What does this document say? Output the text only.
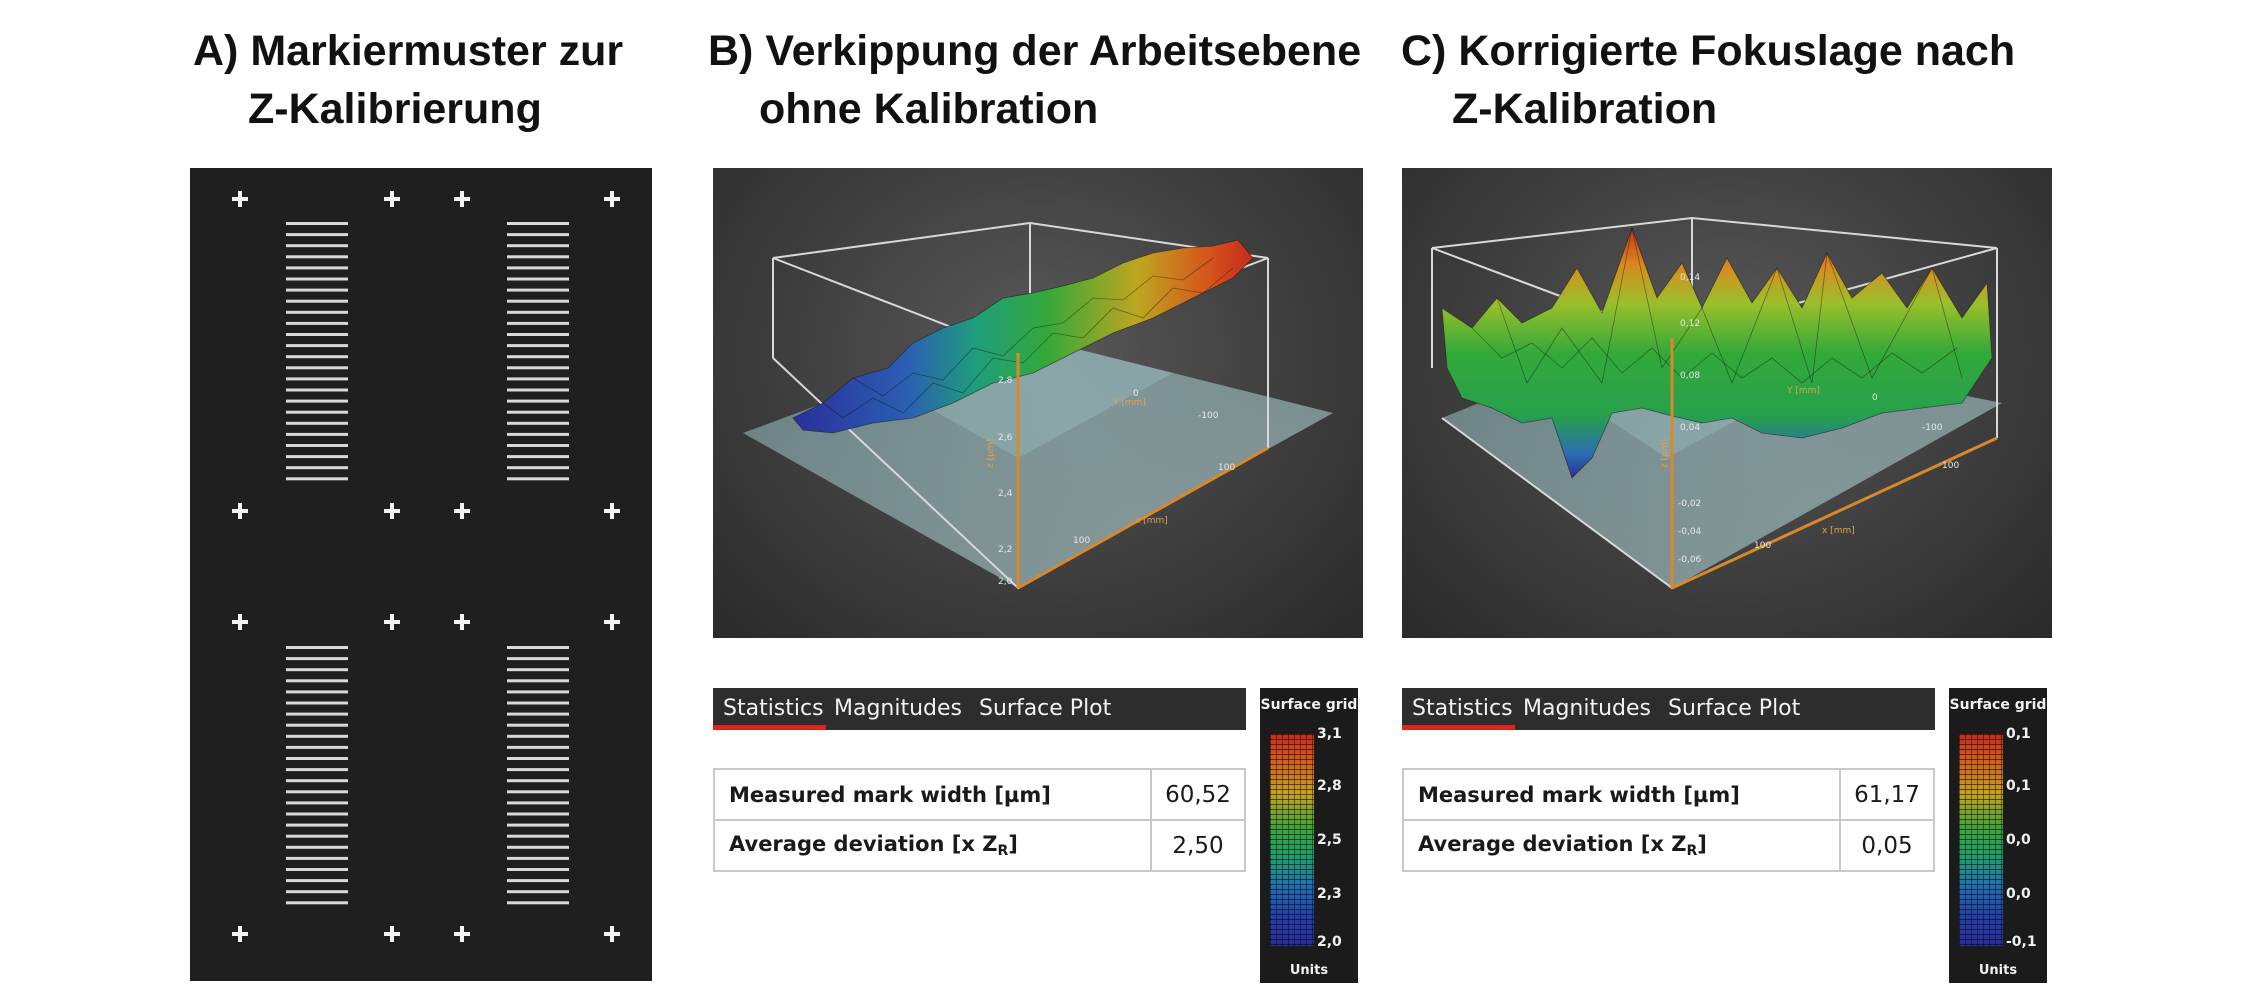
A) Markiermuster zur
Z-Kalibrierung
B) Verkippung der Arbeitsebene
ohne Kalibration
C) Korrigierte Fokuslage nach
Z-Kalibration
2,8
2,6
2,4
2,2
2,0
x [mm]
Y [mm]
z [µm]
100
0
-100
100
0,14
0,12
0,08
0,04
-0,02
-0,04
-0,06
x [mm]
Y [mm]
z [µm]
100
0
-100
100
Statistics Magnitudes Surface Plot
Measured mark width [µm]	60,52
Average deviation [x $Z_R$]	2,50
Surface grid
3,1
2,8
2,5
2,3
2,0
Units
Statistics Magnitudes Surface Plot
Measured mark width [µm]	61,17
Average deviation [x $Z_R$]	0,05
Surface grid
0,1
0,1
0,0
0,0
-0,1
Units
